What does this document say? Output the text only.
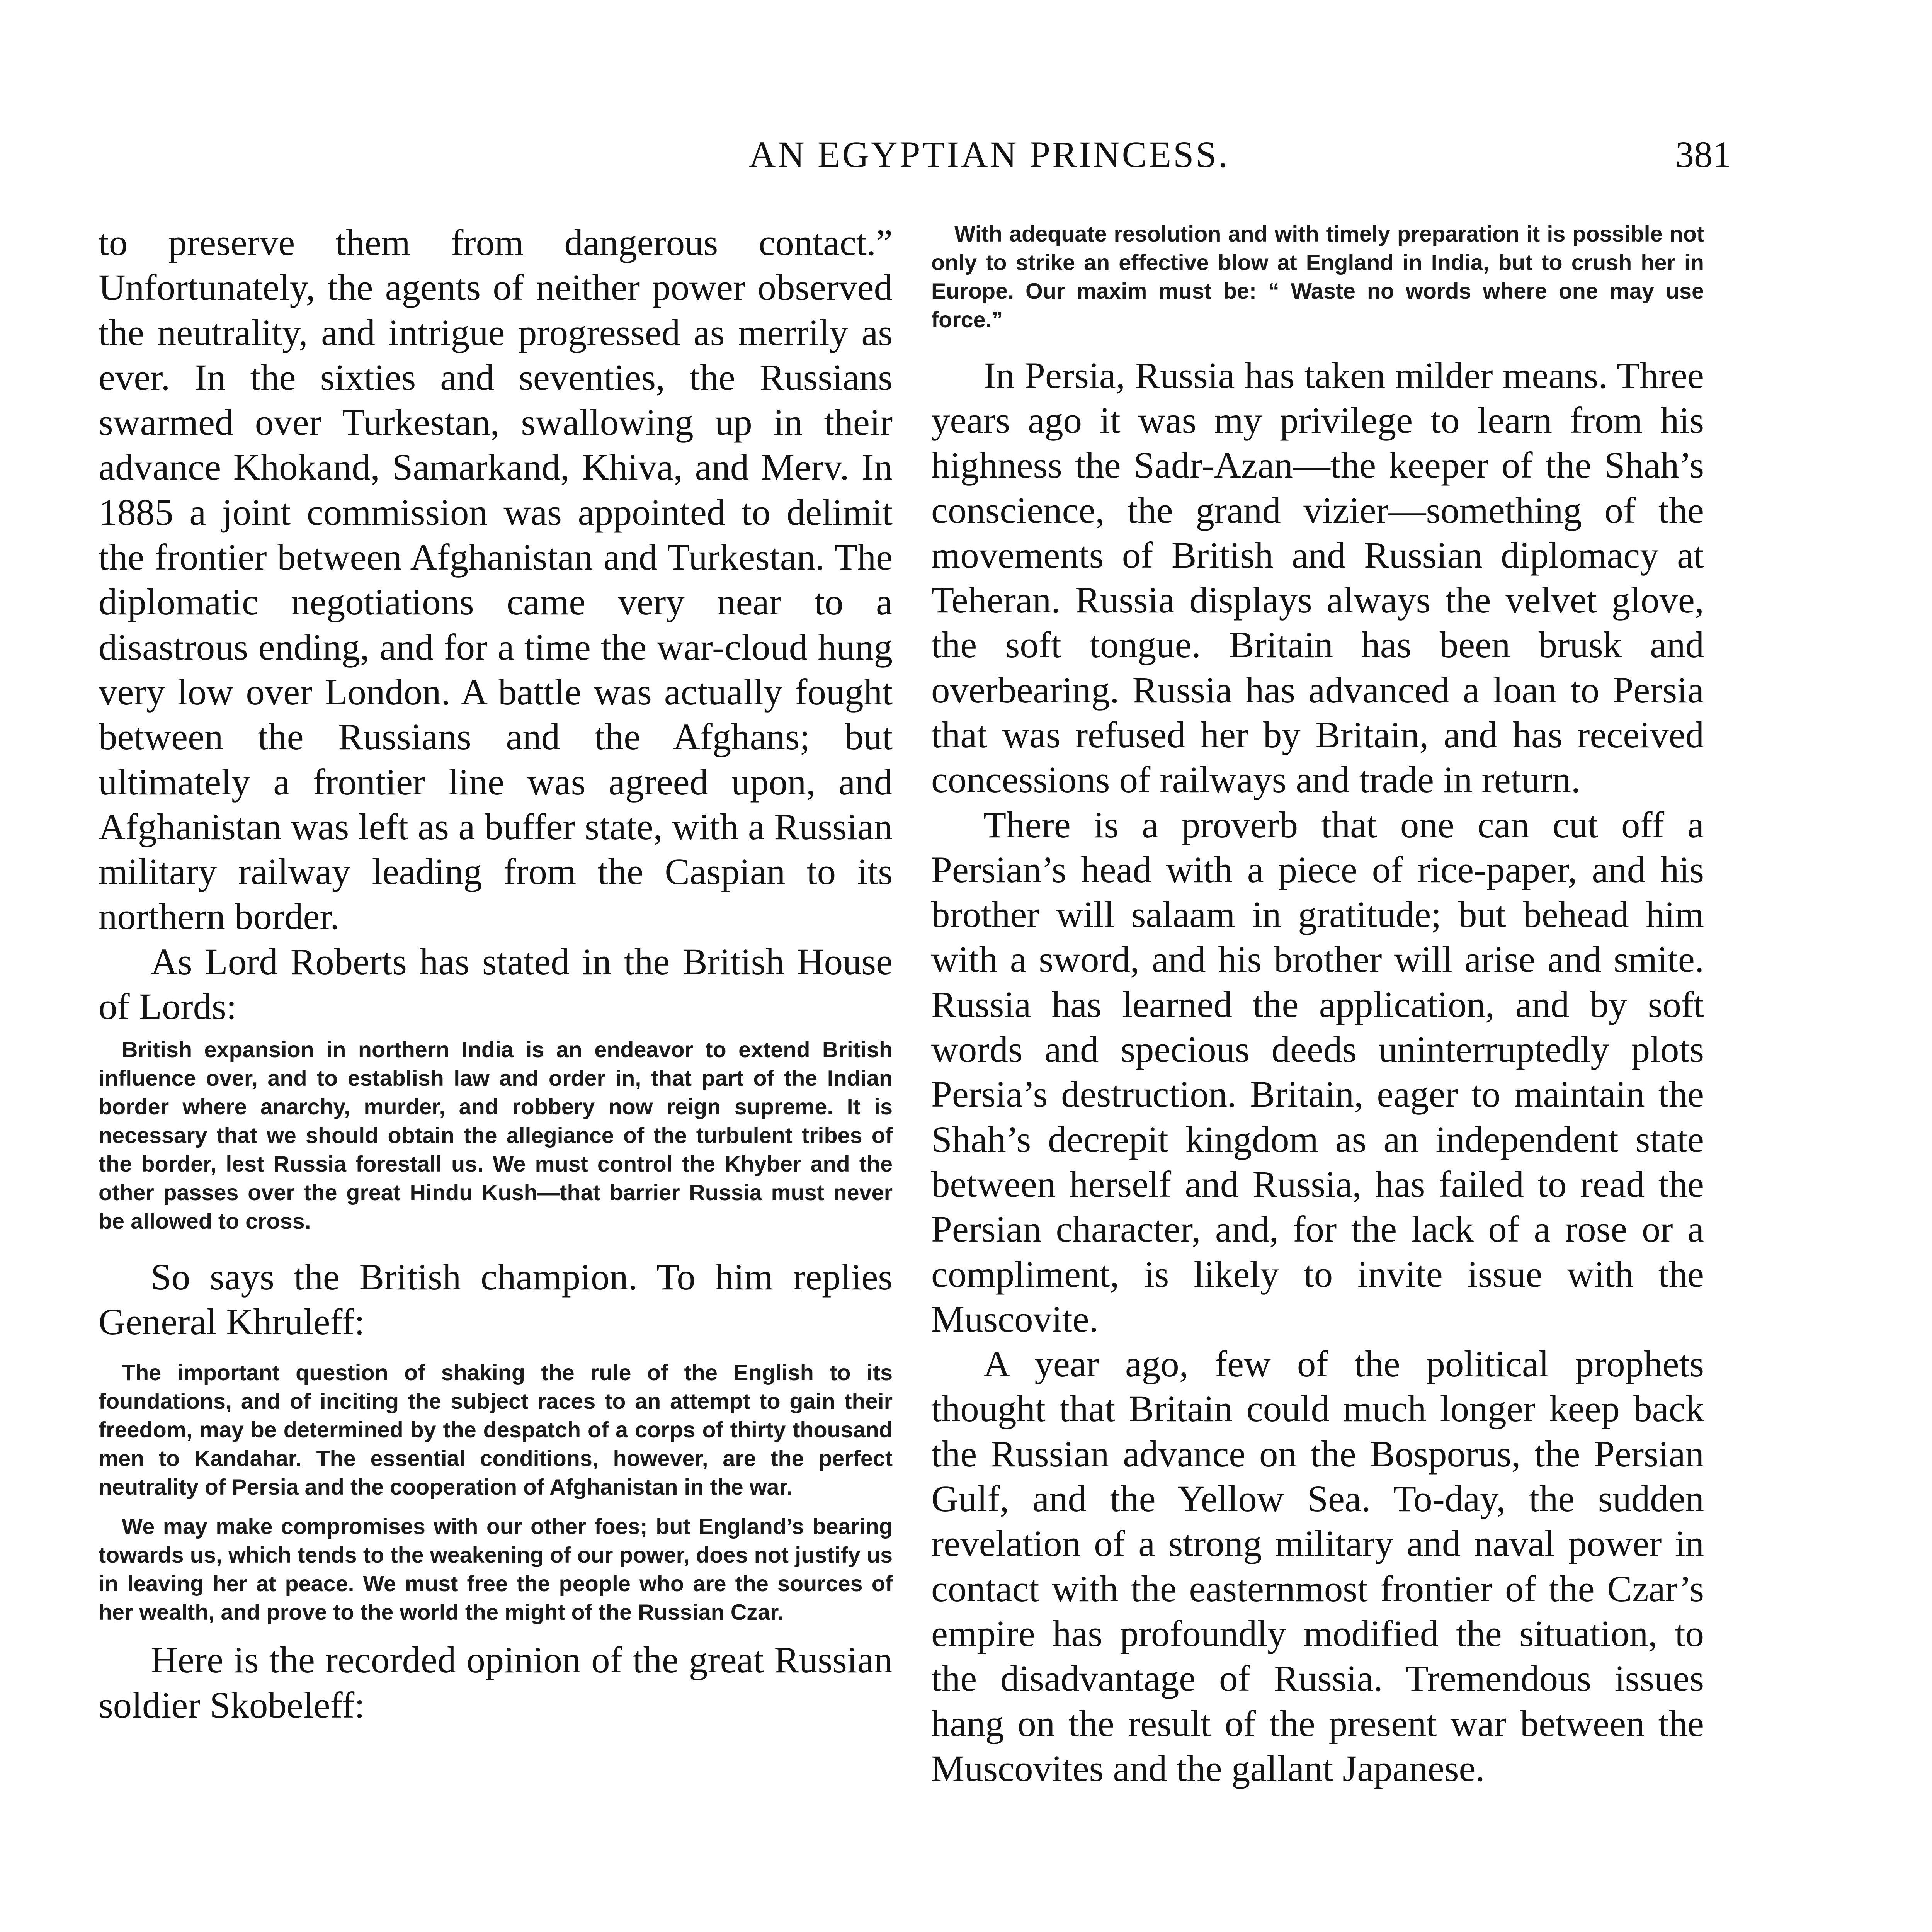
AN EGYPTIAN PRINCESS.	381

to preserve them from dangerous contact.” Unfortunately, the agents of neither power observed the neutrality, and intrigue progressed as merrily as ever. In the sixties and seventies, the Russians swarmed over Turkestan, swallowing up in their advance Khokand, Samarkand, Khiva, and Merv. In 1885 a joint commission was appointed to delimit the frontier between Afghanistan and Turkestan. The diplomatic negotiations came very near to a disastrous ending, and for a time the war-cloud hung very low over London. A battle was actually fought between the Russians and the Afghans; but ultimately a frontier line was agreed upon, and Afghanistan was left as a buffer state, with a Russian military railway leading from the Caspian to its northern border.

As Lord Roberts has stated in the British House of Lords:

British expansion in northern India is an endeavor to extend British influence over, and to establish law and order in, that part of the Indian border where anarchy, murder, and robbery now reign supreme. It is necessary that we should obtain the allegiance of the turbulent tribes of the border, lest Russia forestall us. We must control the Khyber and the other passes over the great Hindu Kush—that barrier Russia must never be allowed to cross.

So says the British champion. To him replies General Khruleff:

The important question of shaking the rule of the English to its foundations, and of inciting the subject races to an attempt to gain their freedom, may be determined by the despatch of a corps of thirty thousand men to Kandahar. The essential conditions, however, are the perfect neutrality of Persia and the cooperation of Afghanistan in the war.

We may make compromises with our other foes; but England’s bearing towards us, which tends to the weakening of our power, does not justify us in leaving her at peace. We must free the people who are the sources of her wealth, and prove to the world the might of the Russian Czar.

Here is the recorded opinion of the great Russian soldier Skobeleff:

With adequate resolution and with timely preparation it is possible not only to strike an effective blow at England in India, but to crush her in Europe. Our maxim must be: “ Waste no words where one may use force.”

In Persia, Russia has taken milder means. Three years ago it was my privilege to learn from his highness the Sadr-Azan—the keeper of the Shah’s conscience, the grand vizier—something of the movements of British and Russian diplomacy at Teheran. Russia displays always the velvet glove, the soft tongue. Britain has been brusk and overbearing. Russia has advanced a loan to Persia that was refused her by Britain, and has received concessions of railways and trade in return.

There is a proverb that one can cut off a Persian’s head with a piece of rice-paper, and his brother will salaam in gratitude; but behead him with a sword, and his brother will arise and smite. Russia has learned the application, and by soft words and specious deeds uninterruptedly plots Persia’s destruction. Britain, eager to maintain the Shah’s decrepit kingdom as an independent state between herself and Russia, has failed to read the Persian character, and, for the lack of a rose or a compliment, is likely to invite issue with the Muscovite.

A year ago, few of the political prophets thought that Britain could much longer keep back the Russian advance on the Bosporus, the Persian Gulf, and the Yellow Sea. To-day, the sudden revelation of a strong military and naval power in contact with the easternmost frontier of the Czar’s empire has profoundly modified the situation, to the disadvantage of Russia. Tremendous issues hang on the result of the present war between the Muscovites and the gallant Japanese.
